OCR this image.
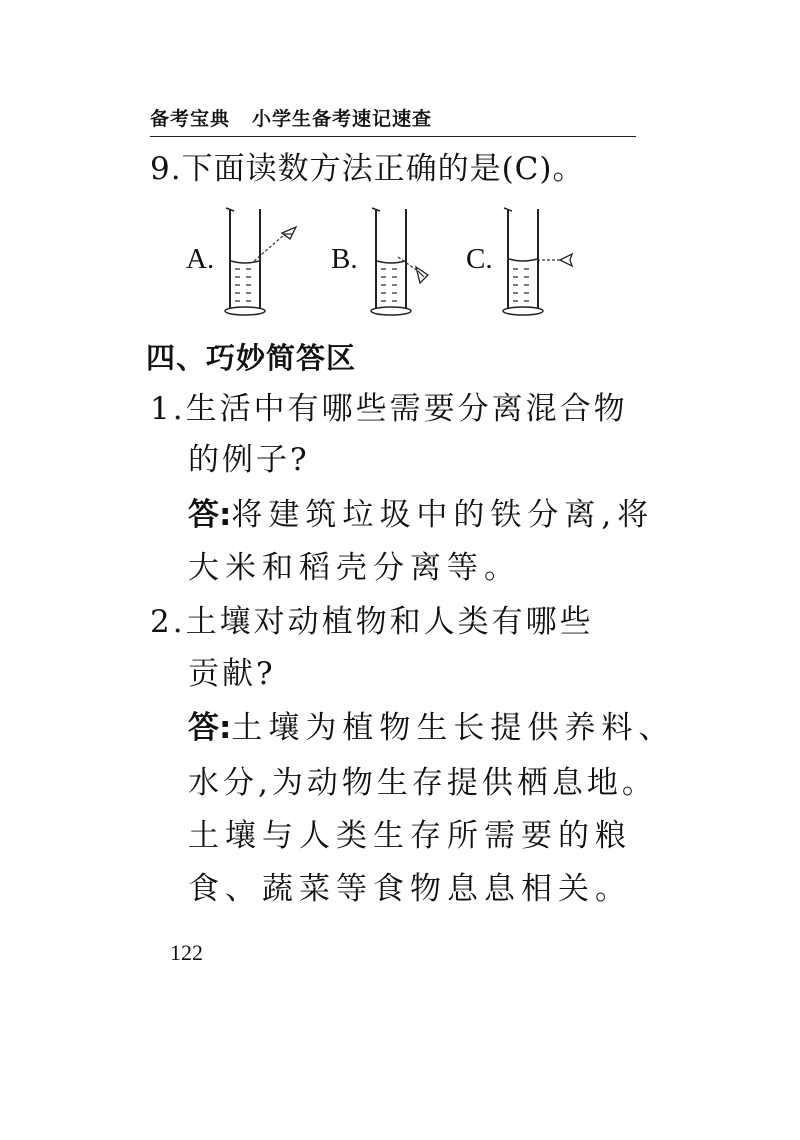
备考宝典 小学生备考速记速查
9.下面读数方法正确的是(C)。
A.	B.	C.
四、巧妙简答区
1.生活中有哪些需要分离混合物
的例子?
答:将建筑垃圾中的铁分离,将
大米和稻壳分离等。
2.土壤对动植物和人类有哪些
贡献?
答:土壤为植物生长提供养料、
水分,为动物生存提供栖息地。
土壤与人类生存所需要的粮
食、蔬菜等食物息息相关。
122
